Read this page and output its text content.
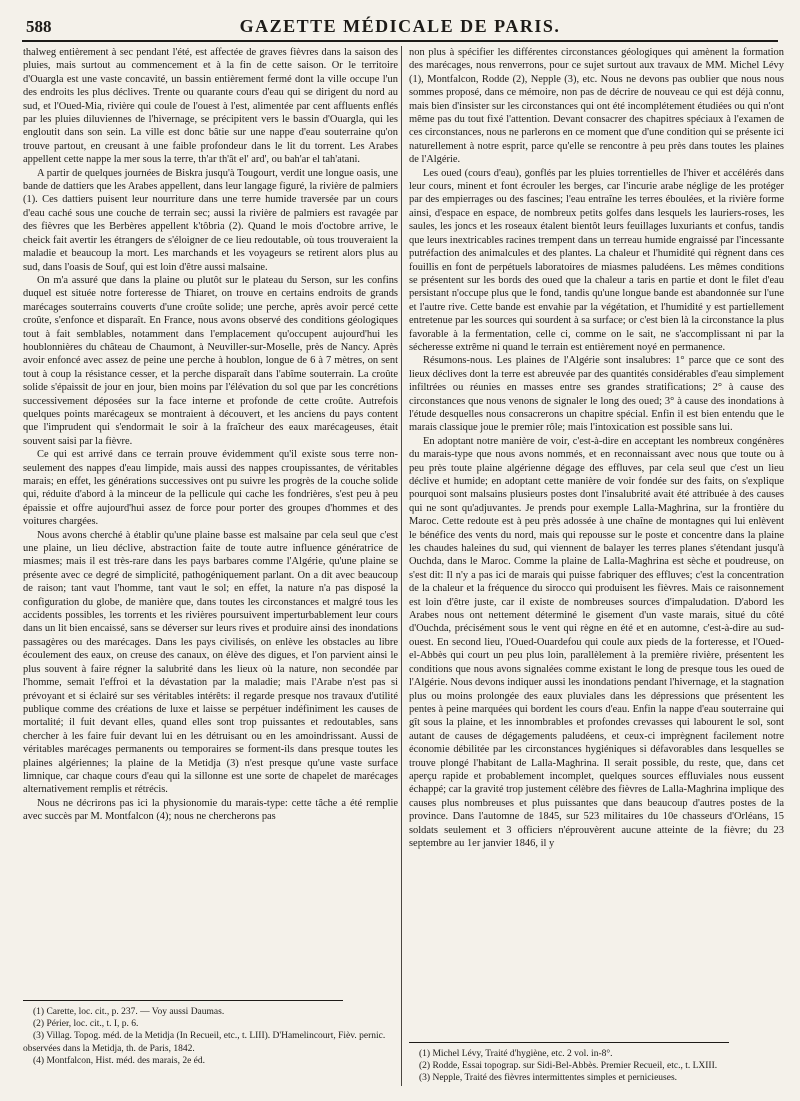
588	GAZETTE MÉDICALE DE PARIS.

thalweg entièrement à sec pendant l'été, est affectée de graves fièvres dans la saison des pluies, mais surtout au commencement et à la fin de cette saison. Or le territoire d'Ouargla est une vaste concavité, un bassin entièrement fermé dont la ville occupe l'un des endroits les plus déclives. Trente ou quarante cours d'eau qui se dirigent du nord au sud, et l'Oued-Mia, rivière qui coule de l'ouest à l'est, alimentée par cent affluents enflés par les pluies diluviennes de l'hivernage, se précipitent vers le bassin d'Ouargla, qui les engloutit dans son sein. La ville est donc bâtie sur une nappe d'eau souterraine qu'on trouve partout, en creusant à une faible profondeur dans le lit du torrent. Les Arabes appellent cette nappe la mer sous la terre, th'ar th'ât el' ard', ou bah'ar el tah'atani.

A partir de quelques journées de Biskra jusqu'à Tougourt, verdit une longue oasis, une bande de dattiers que les Arabes appellent, dans leur langage figuré, la rivière de palmiers (1). Ces dattiers puisent leur nourriture dans une terre humide traversée par un cours d'eau caché sous une couche de terrain sec; aussi la rivière de palmiers est ravagée par des fièvres que les Berbères appellent k'tôbria (2). Quand le mois d'octobre arrive, le cheick fait avertir les étrangers de s'éloigner de ce lieu redoutable, où tous trouveraient la maladie et beaucoup la mort. Les marchands et les voyageurs se retirent alors plus au sud, dans l'oasis de Souf, qui est loin d'être aussi malsaine.

On m'a assuré que dans la plaine ou plutôt sur le plateau du Serson, sur les confins duquel est située notre forteresse de Thiaret, on trouve en certains endroits de grands marécages souterrains couverts d'une croûte solide; une perche, après avoir percé cette croûte, s'enfonce et disparaît. En France, nous avons observé des conditions géologiques tout à fait semblables, notamment dans l'emplacement qu'occupent aujourd'hui les houblonnières du château de Chaumont, à Neuviller-sur-Moselle, près de Nancy. Après avoir enfoncé avec assez de peine une perche à houblon, longue de 6 à 7 mètres, on sent tout à coup la résistance cesser, et la perche disparaît dans l'abîme souterrain. La croûte solide s'épaissit de jour en jour, bien moins par l'élévation du sol que par les concrétions successivement déposées sur la face interne et profonde de cette croûte. Autrefois quelques points marécageux se montraient à découvert, et les anciens du pays content que l'imprudent qui s'endormait le soir à la fraîcheur des eaux marécageuses, était souvent saisi par la fièvre.

Ce qui est arrivé dans ce terrain prouve évidemment qu'il existe sous terre non-seulement des nappes d'eau limpide, mais aussi des nappes croupissantes, de véritables marais; en effet, les générations successives ont pu suivre les progrès de la couche solide qui, réduite d'abord à la minceur de la pellicule qui cache les fondrières, s'est peu à peu épaissie et offre aujourd'hui assez de force pour porter des groupes d'hommes et des voitures chargées.

Nous avons cherché à établir qu'une plaine basse est malsaine par cela seul que c'est une plaine, un lieu déclive, abstraction faite de toute autre influence génératrice de miasmes; mais il est très-rare dans les pays barbares comme l'Algérie, qu'une plaine se présente avec ce degré de simplicité, pathogéniquement parlant. On a dit avec beaucoup de raison; tant vaut l'homme, tant vaut le sol; en effet, la nature n'a pas disposé la configuration du globe, de manière que, dans toutes les circonstances et malgré tous les accidents possibles, les torrents et les rivières poursuivent imperturbablement leur cours dans un lit bien encaissé, sans se déverser sur leurs rives et produire ainsi des inondations passagères ou des marécages. Dans les pays civilisés, on enlève les obstacles au libre écoulement des eaux, on creuse des canaux, on élève des digues, et l'on parvient ainsi le plus souvent à faire régner la salubrité dans les lieux où la nature, non secondée par l'homme, semait l'effroi et la dévastation par la maladie; mais l'Arabe n'est pas si prévoyant et si éclairé sur ses véritables intérêts: il regarde presque nos travaux d'utilité publique comme des créations de luxe et laisse se perpétuer indéfiniment les causes de mortalité; il fuit devant elles, quand elles sont trop puissantes et redoutables, sans chercher à les faire fuir devant lui en les détruisant ou en les amoindrissant. Aussi de véritables marécages permanents ou temporaires se forment-ils dans presque toutes les plaines algériennes; la plaine de la Metidja (3) n'est presque qu'une vaste surface limnique, car chaque cours d'eau qui la sillonne est une sorte de chapelet de marécages alternativement remplis et rétrécis.

Nous ne décrirons pas ici la physionomie du marais-type: cette tâche a été remplie avec succès par M. Montfalcon (4); nous ne chercherons pas

non plus à spécifier les différentes circonstances géologiques qui amènent la formation des marécages, nous renverrons, pour ce sujet surtout aux travaux de MM. Michel Lévy (1), Montfalcon, Rodde (2), Nepple (3), etc. Nous ne devons pas oublier que nous nous sommes proposé, dans ce mémoire, non pas de décrire de nouveau ce qui est déjà connu, mais bien d'insister sur les circonstances qui ont été incomplétement étudiées ou qui n'ont même pas du tout fixé l'attention. Devant consacrer des chapitres spéciaux à l'examen de ces circonstances, nous ne parlerons en ce moment que d'une condition qui se présente ici naturellement à notre esprit, parce qu'elle se rencontre à peu près dans toutes les plaines de l'Algérie.

Les oued (cours d'eau), gonflés par les pluies torrentielles de l'hiver et accélérés dans leur cours, minent et font écrouler les berges, car l'incurie arabe néglige de les protéger par des empierrages ou des fascines; l'eau entraîne les terres éboulées, et la rivière forme ainsi, d'espace en espace, de nombreux petits golfes dans lesquels les lauriers-roses, les saules, les joncs et les roseaux étalent bientôt leurs feuillages luxuriants et confus, tandis que leurs inextricables racines trempent dans un terreau humide engraissé par l'incessante putréfaction des animalcules et des plantes. La chaleur et l'humidité qui règnent dans ces fouillis en font de perpétuels laboratoires de miasmes paludéens. Les mêmes conditions se présentent sur les bords des oued que la chaleur a taris en partie et dont le filet d'eau persistant n'occupe plus que le fond, tandis qu'une longue bande est abandonnée sur l'une et l'autre rive. Cette bande est envahie par la végétation, et l'humidité y est partiellement entretenue par les sources qui sourdent à sa surface; or c'est bien là la circonstance la plus favorable à la fermentation, celle ci, comme on le sait, ne s'accomplissant ni par la sécheresse extrême ni quand le terrain est entièrement noyé en permanence.

Résumons-nous. Les plaines de l'Algérie sont insalubres: 1° parce que ce sont des lieux déclives dont la terre est abreuvée par des quantités considérables d'eau simplement infiltrées ou réunies en masses entre ses grandes stratifications; 2° à cause des circonstances que nous venons de signaler le long des oued; 3° à cause des inondations à l'étude desquelles nous consacrerons un chapitre spécial. Enfin il est bien entendu que le marais classique joue le premier rôle; mais l'intoxication est possible sans lui.

En adoptant notre manière de voir, c'est-à-dire en acceptant les nombreux congénères du marais-type que nous avons nommés, et en reconnaissant avec nous que toute ou à peu près toute plaine algérienne dégage des effluves, par cela seul que c'est un lieu déclive et humide; en adoptant cette manière de voir fondée sur des faits, on s'explique pourquoi sont malsains plusieurs postes dont l'insalubrité avait été attribuée à des causes qui ne sont qu'adjuvantes. Je prends pour exemple Lalla-Maghrina, sur la frontière du Maroc. Cette redoute est à peu près adossée à une chaîne de montagnes qui lui enlèvent le bénéfice des vents du nord, mais qui repousse sur le poste et concentre dans la plaine les chaudes haleines du sud, qui viennent de balayer les terres planes s'étendant jusqu'à Ouchda, dans le Maroc. Comme la plaine de Lalla-Maghrina est sèche et poudreuse, on s'est dit: Il n'y a pas ici de marais qui puisse fabriquer des effluves; c'est la concentration de la chaleur et la fréquence du sirocco qui produisent les fièvres. Mais ce raisonnement est loin d'être juste, car il existe de nombreuses sources d'impaludation. D'abord les Arabes nous ont nettement déterminé le gisement d'un vaste marais, situé du côté d'Ouchda, précisément sous le vent qui règne en été et en automne, c'est-à-dire au sud-ouest. En second lieu, l'Oued-Ouardefou qui coule aux pieds de la forteresse, et l'Oued-el-Abbès qui court un peu plus loin, parallèlement à la première rivière, présentent les conditions que nous avons signalées comme existant le long de presque tous les oued de l'Algérie. Nous devons indiquer aussi les inondations pendant l'hivernage, et la stagnation plus ou moins prolongée des eaux pluviales dans les dépressions que présentent les pentes à peine marquées qui bordent les cours d'eau. Enfin la nappe d'eau souterraine qui gît sous la plaine, et les innombrables et profondes crevasses qui labourent le sol, sont autant de causes de dégagements paludéens, et ceux-ci imprègnent facilement notre économie débilitée par les circonstances hygiéniques si défavorables dans lesquelles se trouve plongé l'habitant de Lalla-Maghrina. Il serait possible, du reste, que, dans cet aperçu rapide et probablement incomplet, quelques sources effluviales nous eussent échappé; car la gravité trop justement célèbre des fièvres de Lalla-Maghrina implique des causes plus nombreuses et plus puissantes que dans beaucoup d'autres postes de la province. Dans l'automne de 1845, sur 523 militaires du 10e chasseurs d'Orléans, 15 soldats seulement et 3 officiers n'éprouvèrent aucune atteinte de la fièvre; du 23 septembre au 1er janvier 1846, il y

(1) Carette, loc. cit., p. 237. — Voy aussi Daumas.
(2) Périer, loc. cit., t. I, p. 6.
(3) Villag. Topog. méd. de la Metidja (In Recueil, etc., t. LIII). D'Hamelincourt, Fièv. pernic. observées dans la Metidja, th. de Paris, 1842.
(4) Montfalcon, Hist. méd. des marais, 2e éd.
(1) Michel Lévy, Traité d'hygiène, etc. 2 vol. in-8°.
(2) Rodde, Essai topograp. sur Sidi-Bel-Abbès. Premier Recueil, etc., t. LXIII.
(3) Nepple, Traité des fièvres intermittentes simples et pernicieuses.
